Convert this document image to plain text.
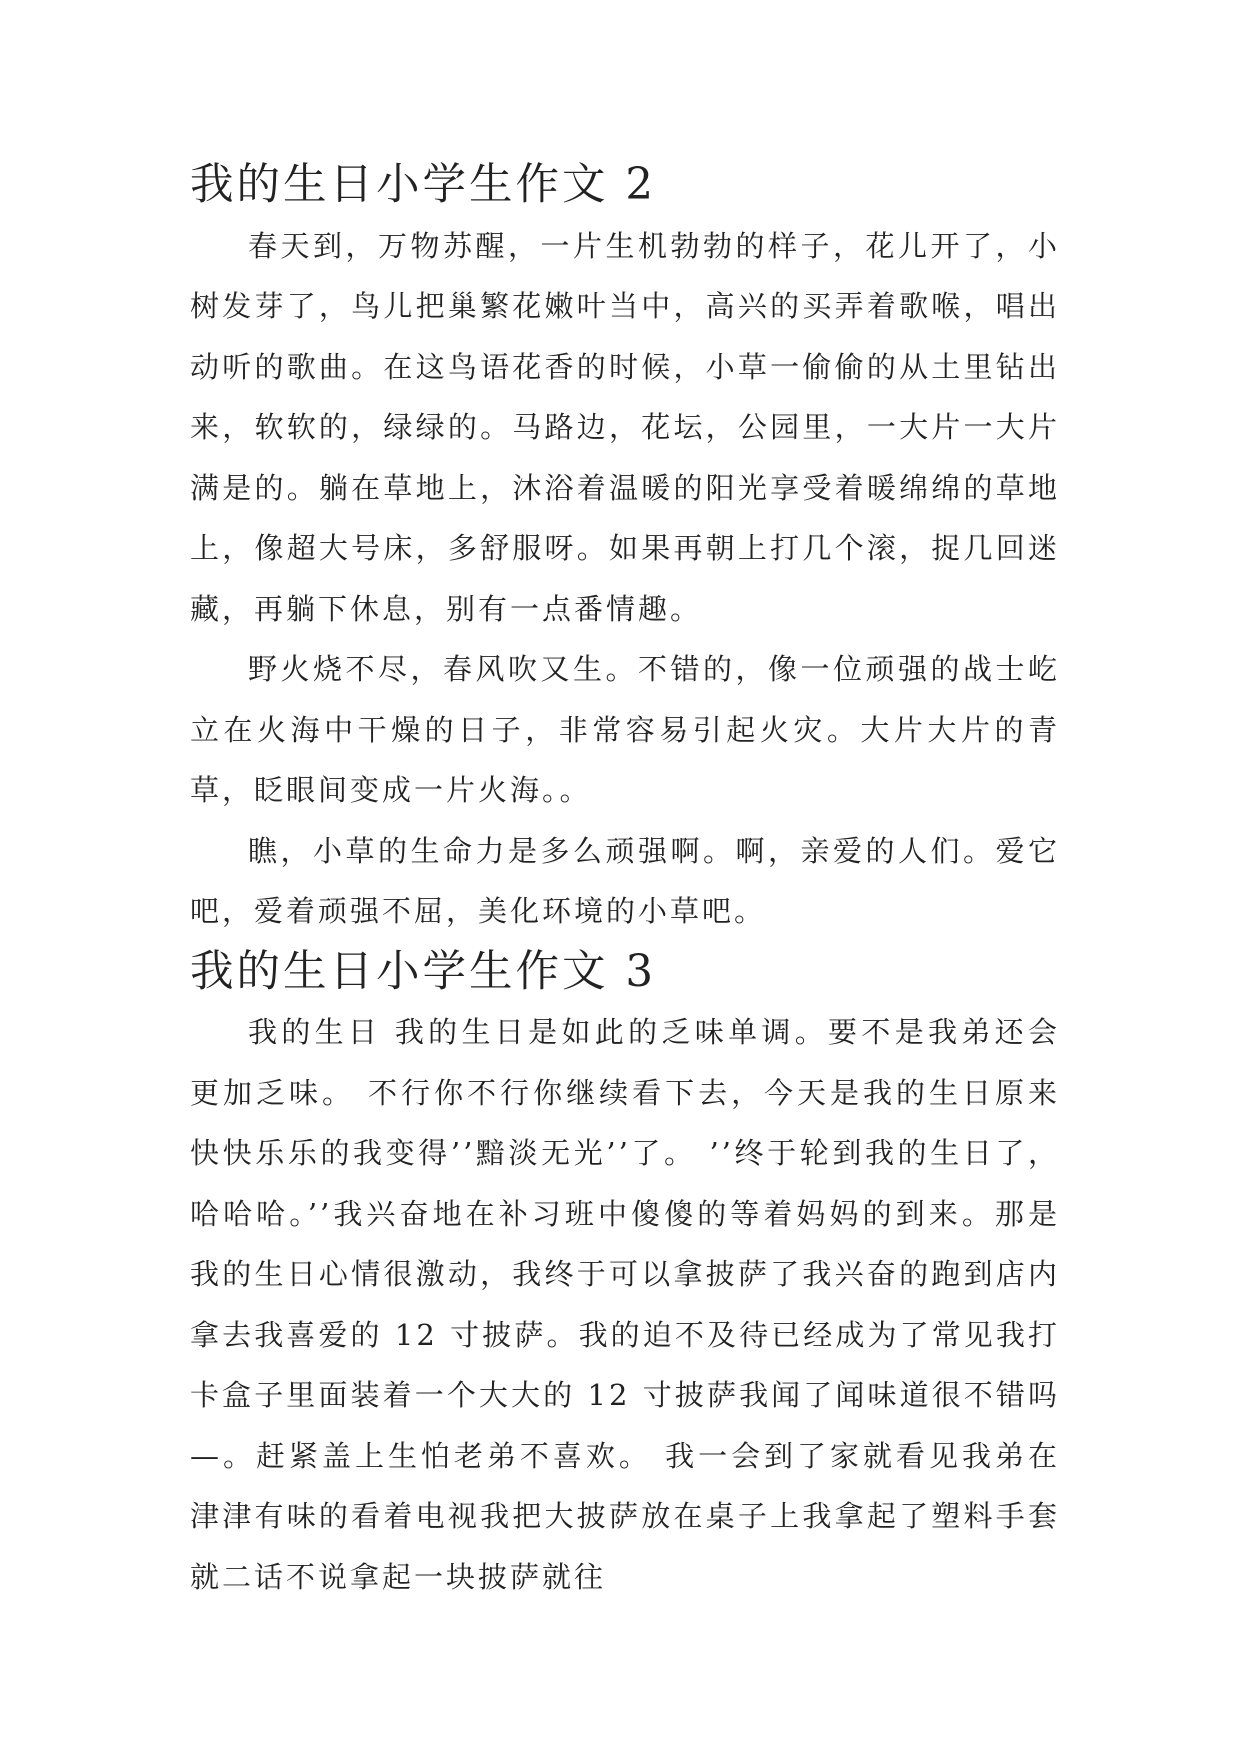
我的生日小学生作文 2

春天到，万物苏醒，一片生机勃勃的样子，花儿开了，小树发芽了，鸟儿把巢繁花嫩叶当中，高兴的买弄着歌喉，唱出动听的歌曲。在这鸟语花香的时候，小草一偷偷的从土里钻出来，软软的，绿绿的。马路边，花坛，公园里，一大片一大片满是的。躺在草地上，沐浴着温暖的阳光享受着暖绵绵的草地上，像超大号床，多舒服呀。如果再朝上打几个滚，捉几回迷藏，再躺下休息，别有一点番情趣。

野火烧不尽，春风吹又生。不错的，像一位顽强的战士屹立在火海中干燥的日子，非常容易引起火灾。大片大片的青草，眨眼间变成一片火海。。

瞧，小草的生命力是多么顽强啊。啊，亲爱的人们。爱它吧，爱着顽强不屈，美化环境的小草吧。

我的生日小学生作文 3

我的生日 我的生日是如此的乏味单调。要不是我弟还会更加乏味。 不行你不行你继续看下去，今天是我的生日原来快快乐乐的我变得’’黯淡无光’’了。 ’’终于轮到我的生日了，哈哈哈。’’我兴奋地在补习班中傻傻的等着妈妈的到来。那是我的生日心情很激动，我终于可以拿披萨了我兴奋的跑到店内拿去我喜爱的 12 寸披萨。我的迫不及待已经成为了常见我打卡盒子里面装着一个大大的 12 寸披萨我闻了闻味道很不错吗—。赶紧盖上生怕老弟不喜欢。 我一会到了家就看见我弟在津津有味的看着电视我把大披萨放在桌子上我拿起了塑料手套就二话不说拿起一块披萨就往
